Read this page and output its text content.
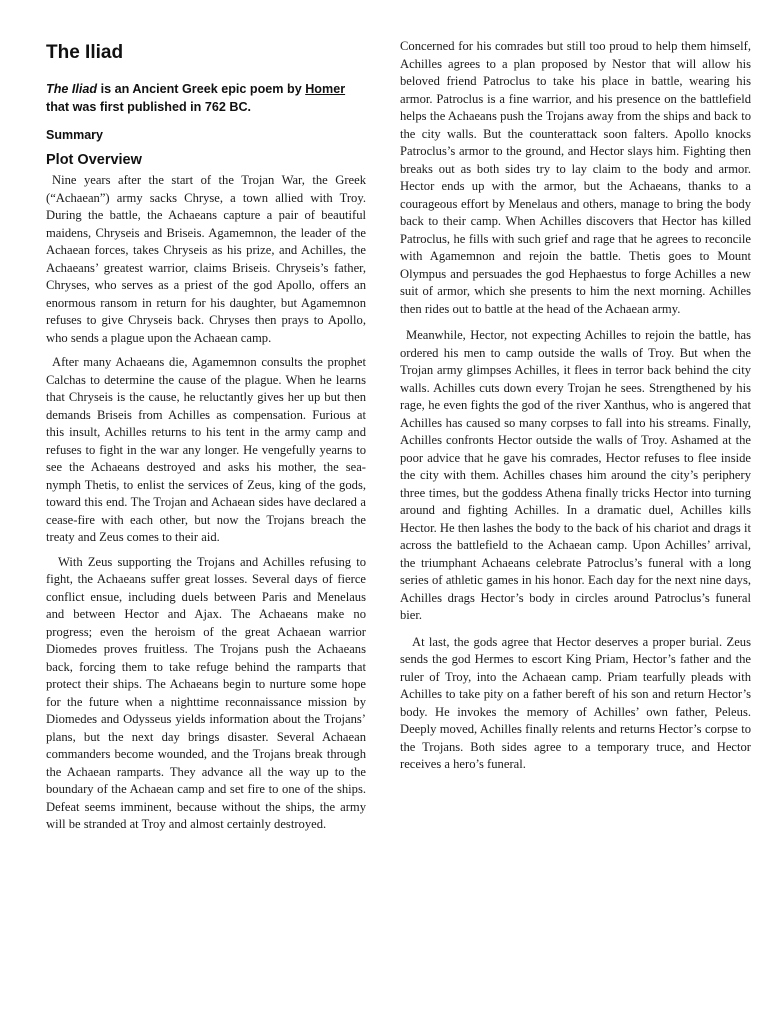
The Iliad
The Iliad is an Ancient Greek epic poem by Homer that was first published in 762 BC.
Summary
Plot Overview

Nine years after the start of the Trojan War, the Greek (“Achaean”) army sacks Chryse, a town allied with Troy. During the battle, the Achaeans capture a pair of beautiful maidens, Chryseis and Briseis. Agamemnon, the leader of the Achaean forces, takes Chryseis as his prize, and Achilles, the Achaeans’ greatest warrior, claims Briseis. Chryseis’s father, Chryses, who serves as a priest of the god Apollo, offers an enormous ransom in return for his daughter, but Agamemnon refuses to give Chryseis back. Chryses then prays to Apollo, who sends a plague upon the Achaean camp.

After many Achaeans die, Agamemnon consults the prophet Calchas to determine the cause of the plague. When he learns that Chryseis is the cause, he reluctantly gives her up but then demands Briseis from Achilles as compensation. Furious at this insult, Achilles returns to his tent in the army camp and refuses to fight in the war any longer. He vengefully yearns to see the Achaeans destroyed and asks his mother, the sea-nymph Thetis, to enlist the services of Zeus, king of the gods, toward this end. The Trojan and Achaean sides have declared a cease-fire with each other, but now the Trojans breach the treaty and Zeus comes to their aid.

With Zeus supporting the Trojans and Achilles refusing to fight, the Achaeans suffer great losses. Several days of fierce conflict ensue, including duels between Paris and Menelaus and between Hector and Ajax. The Achaeans make no progress; even the heroism of the great Achaean warrior Diomedes proves fruitless. The Trojans push the Achaeans back, forcing them to take refuge behind the ramparts that protect their ships. The Achaeans begin to nurture some hope for the future when a nighttime reconnaissance mission by Diomedes and Odysseus yields information about the Trojans’ plans, but the next day brings disaster. Several Achaean commanders become wounded, and the Trojans break through the Achaean ramparts. They advance all the way up to the boundary of the Achaean camp and set fire to one of the ships. Defeat seems imminent, because without the ships, the army will be stranded at Troy and almost certainly destroyed.

Concerned for his comrades but still too proud to help them himself, Achilles agrees to a plan proposed by Nestor that will allow his beloved friend Patroclus to take his place in battle, wearing his armor. Patroclus is a fine warrior, and his presence on the battlefield helps the Achaeans push the Trojans away from the ships and back to the city walls. But the counterattack soon falters. Apollo knocks Patroclus’s armor to the ground, and Hector slays him. Fighting then breaks out as both sides try to lay claim to the body and armor. Hector ends up with the armor, but the Achaeans, thanks to a courageous effort by Menelaus and others, manage to bring the body back to their camp. When Achilles discovers that Hector has killed Patroclus, he fills with such grief and rage that he agrees to reconcile with Agamemnon and rejoin the battle. Thetis goes to Mount Olympus and persuades the god Hephaestus to forge Achilles a new suit of armor, which she presents to him the next morning. Achilles then rides out to battle at the head of the Achaean army.

Meanwhile, Hector, not expecting Achilles to rejoin the battle, has ordered his men to camp outside the walls of Troy. But when the Trojan army glimpses Achilles, it flees in terror back behind the city walls. Achilles cuts down every Trojan he sees. Strengthened by his rage, he even fights the god of the river Xanthus, who is angered that Achilles has caused so many corpses to fall into his streams. Finally, Achilles confronts Hector outside the walls of Troy. Ashamed at the poor advice that he gave his comrades, Hector refuses to flee inside the city with them. Achilles chases him around the city’s periphery three times, but the goddess Athena finally tricks Hector into turning around and fighting Achilles. In a dramatic duel, Achilles kills Hector. He then lashes the body to the back of his chariot and drags it across the battlefield to the Achaean camp. Upon Achilles’ arrival, the triumphant Achaeans celebrate Patroclus’s funeral with a long series of athletic games in his honor. Each day for the next nine days, Achilles drags Hector’s body in circles around Patroclus’s funeral bier.

At last, the gods agree that Hector deserves a proper burial. Zeus sends the god Hermes to escort King Priam, Hector’s father and the ruler of Troy, into the Achaean camp. Priam tearfully pleads with Achilles to take pity on a father bereft of his son and return Hector’s body. He invokes the memory of Achilles’ own father, Peleus. Deeply moved, Achilles finally relents and returns Hector’s corpse to the Trojans. Both sides agree to a temporary truce, and Hector receives a hero’s funeral.
